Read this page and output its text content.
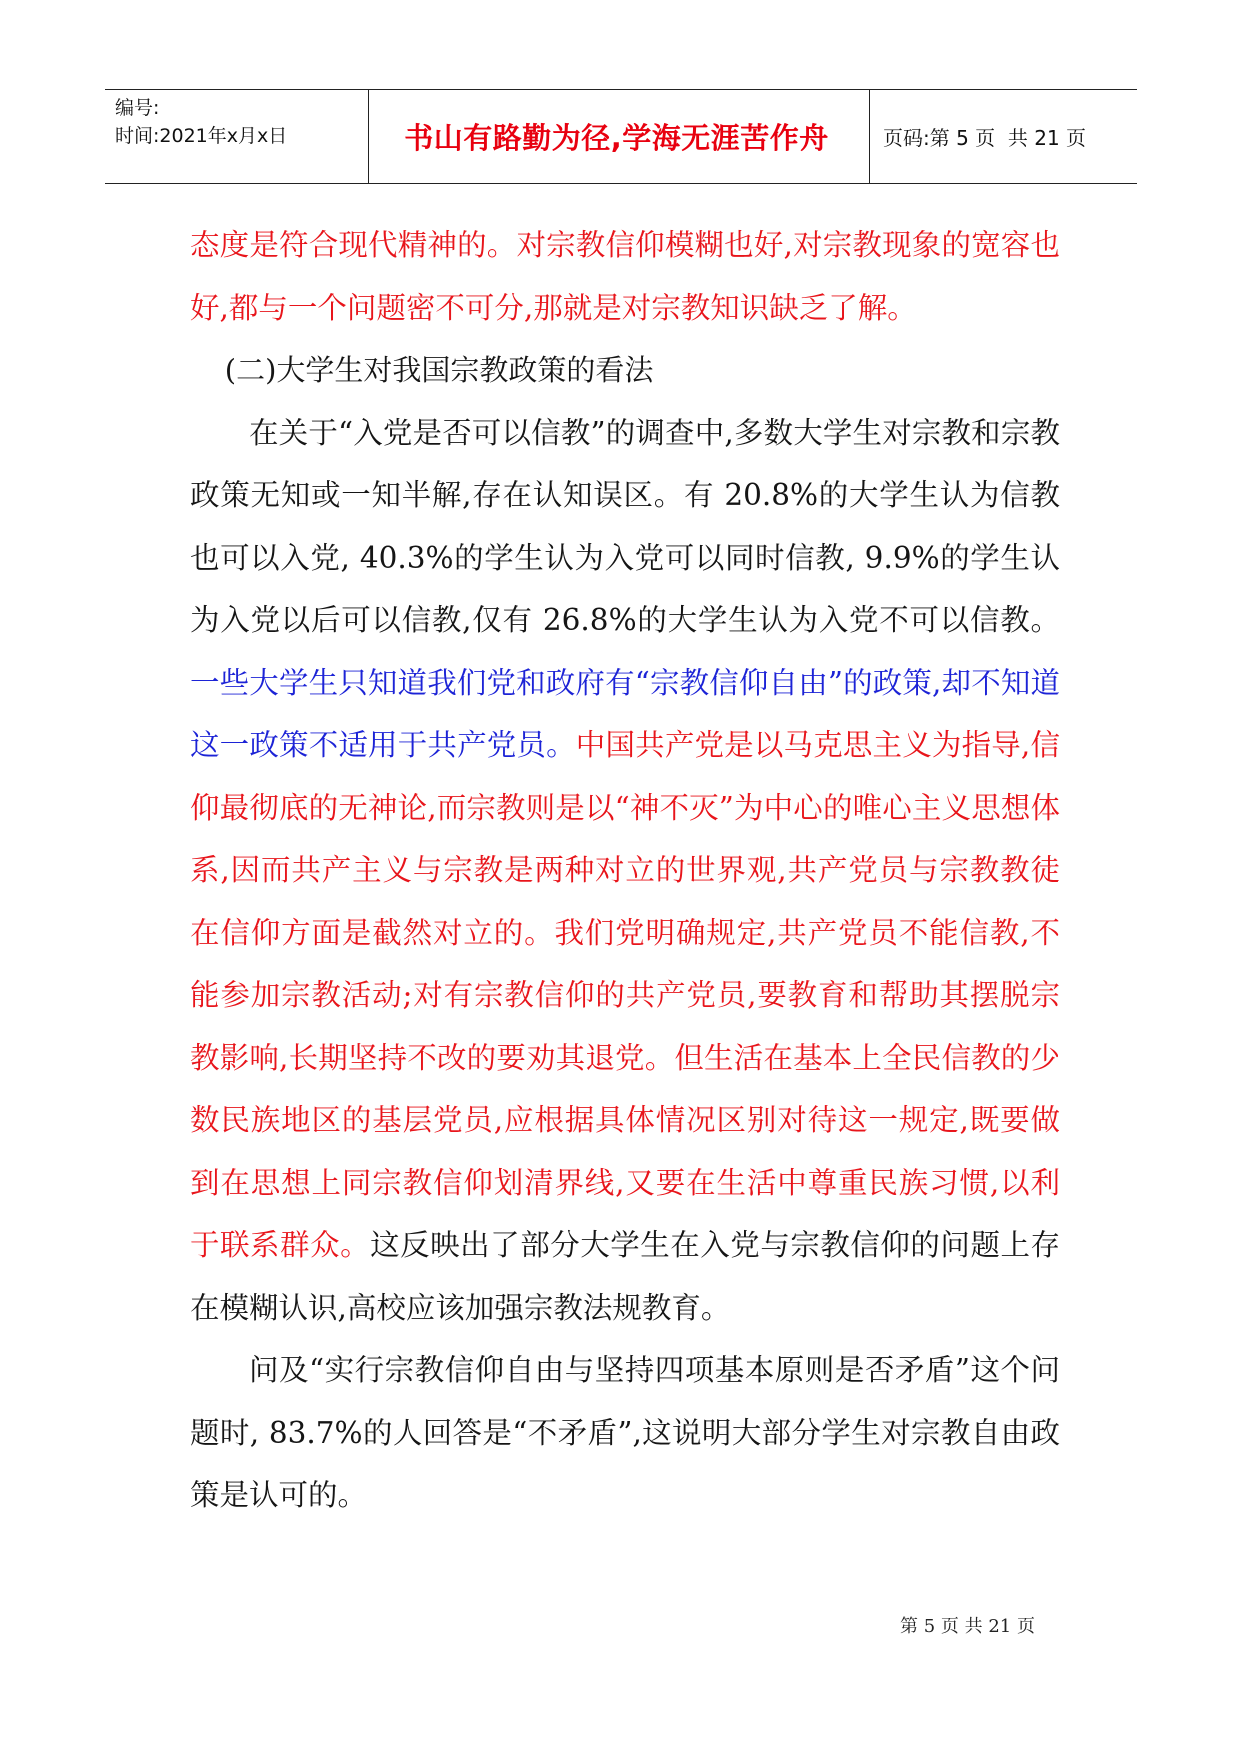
编号:
时间:2021年x月x日	书山有路勤为径,学海无涯苦作舟	页码:第 5 页  共 21 页

态度是符合现代精神的。对宗教信仰模糊也好,对宗教现象的宽容也好,都与一个问题密不可分,那就是对宗教知识缺乏了解。

(二)大学生对我国宗教政策的看法

在关于“入党是否可以信教”的调查中,多数大学生对宗教和宗教政策无知或一知半解,存在认知误区。有 20.8%的大学生认为信教也可以入党, 40.3%的学生认为入党可以同时信教, 9.9%的学生认为入党以后可以信教,仅有 26.8%的大学生认为入党不可以信教。一些大学生只知道我们党和政府有“宗教信仰自由”的政策,却不知道这一政策不适用于共产党员。中国共产党是以马克思主义为指导,信仰最彻底的无神论,而宗教则是以“神不灭”为中心的唯心主义思想体系,因而共产主义与宗教是两种对立的世界观,共产党员与宗教教徒在信仰方面是截然对立的。我们党明确规定,共产党员不能信教,不能参加宗教活动;对有宗教信仰的共产党员,要教育和帮助其摆脱宗教影响,长期坚持不改的要劝其退党。但生活在基本上全民信教的少数民族地区的基层党员,应根据具体情况区别对待这一规定,既要做到在思想上同宗教信仰划清界线,又要在生活中尊重民族习惯,以利于联系群众。这反映出了部分大学生在入党与宗教信仰的问题上存在模糊认识,高校应该加强宗教法规教育。

问及“实行宗教信仰自由与坚持四项基本原则是否矛盾”这个问题时, 83.7%的人回答是“不矛盾”,这说明大部分学生对宗教自由政策是认可的。

第 5 页 共 21 页
